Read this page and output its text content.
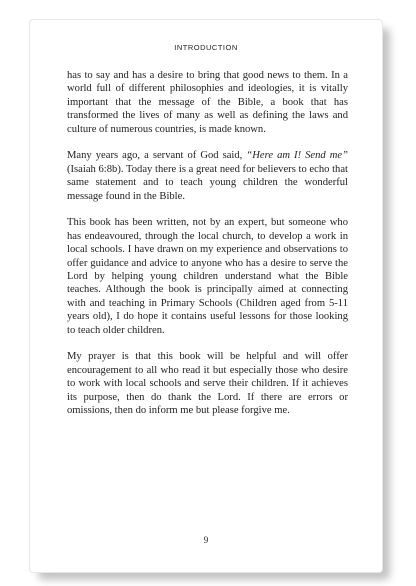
INTRODUCTION

has to say and has a desire to bring that good news to them. In a world full of different philosophies and ideologies, it is vitally important that the message of the Bible, a book that has transformed the lives of many as well as defining the laws and culture of numerous countries, is made known.

Many years ago, a servant of God said, “Here am I! Send me” (Isaiah 6:8b). Today there is a great need for believers to echo that same statement and to teach young children the wonderful message found in the Bible.

This book has been written, not by an expert, but someone who has endeavoured, through the local church, to develop a work in local schools. I have drawn on my experience and observations to offer guidance and advice to anyone who has a desire to serve the Lord by helping young children understand what the Bible teaches. Although the book is principally aimed at connecting with and teaching in Primary Schools (Children aged from 5-11 years old), I do hope it contains useful lessons for those looking to teach older children.

My prayer is that this book will be helpful and will offer encouragement to all who read it but especially those who desire to work with local schools and serve their children. If it achieves its purpose, then do thank the Lord. If there are errors or omissions, then do inform me but please forgive me.

9
